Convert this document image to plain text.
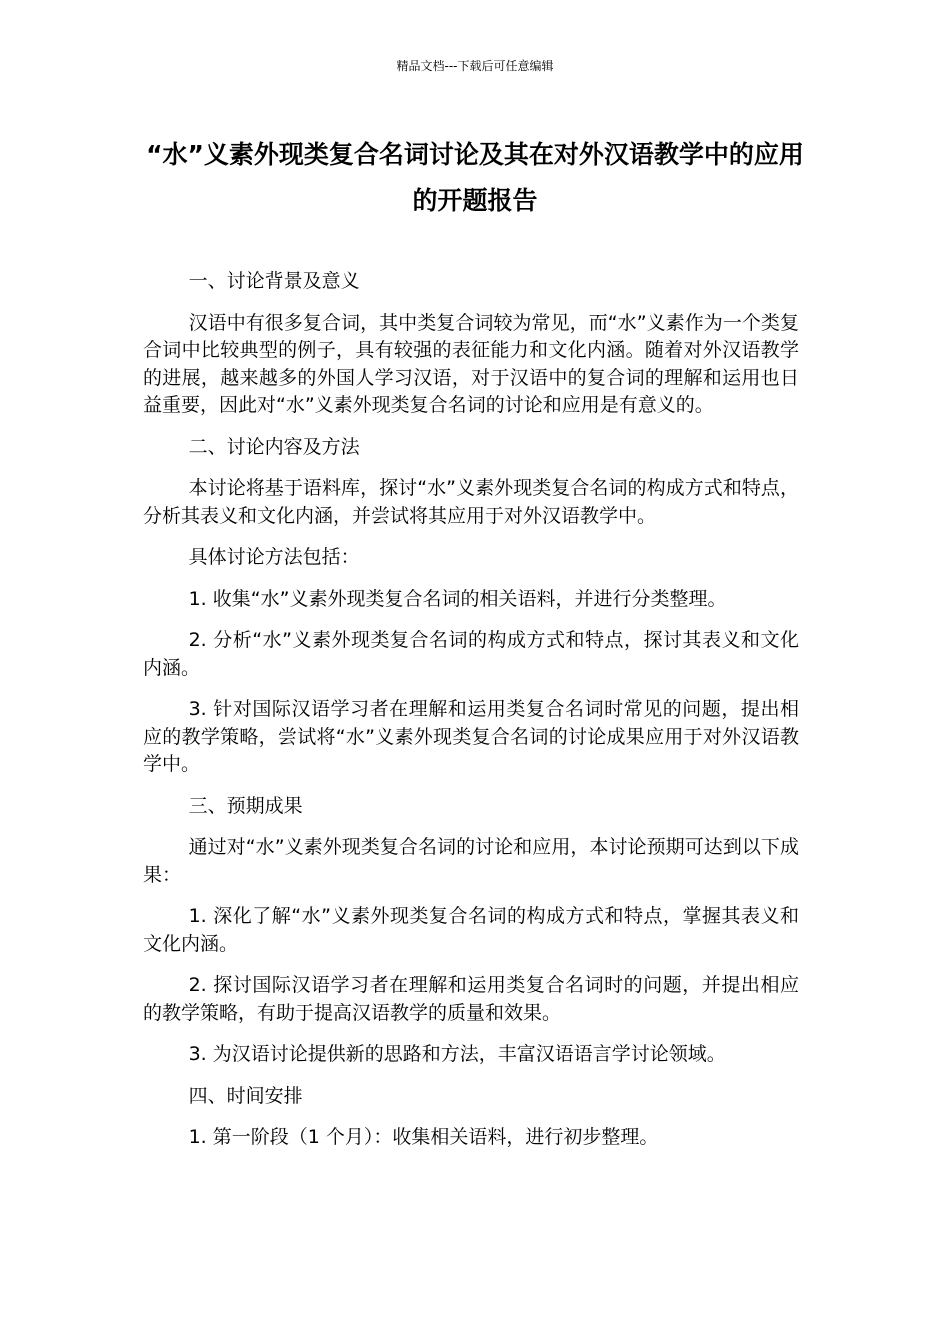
精品文档---下载后可任意编辑
“水”义素外现类复合名词讨论及其在对外汉语教学中的应用的开题报告

一、讨论背景及意义

汉语中有很多复合词，其中类复合词较为常见，而“水”义素作为一个类复合词中比较典型的例子，具有较强的表征能力和文化内涵。随着对外汉语教学的进展，越来越多的外国人学习汉语，对于汉语中的复合词的理解和运用也日益重要，因此对“水”义素外现类复合名词的讨论和应用是有意义的。

二、讨论内容及方法

本讨论将基于语料库，探讨“水”义素外现类复合名词的构成方式和特点，分析其表义和文化内涵，并尝试将其应用于对外汉语教学中。

具体讨论方法包括：

1. 收集“水”义素外现类复合名词的相关语料，并进行分类整理。

2. 分析“水”义素外现类复合名词的构成方式和特点，探讨其表义和文化内涵。

3. 针对国际汉语学习者在理解和运用类复合名词时常见的问题，提出相应的教学策略，尝试将“水”义素外现类复合名词的讨论成果应用于对外汉语教学中。

三、预期成果

通过对“水”义素外现类复合名词的讨论和应用，本讨论预期可达到以下成果：

1. 深化了解“水”义素外现类复合名词的构成方式和特点，掌握其表义和文化内涵。

2. 探讨国际汉语学习者在理解和运用类复合名词时的问题，并提出相应的教学策略，有助于提高汉语教学的质量和效果。

3. 为汉语讨论提供新的思路和方法，丰富汉语语言学讨论领域。

四、时间安排

1. 第一阶段（1 个月）：收集相关语料，进行初步整理。
